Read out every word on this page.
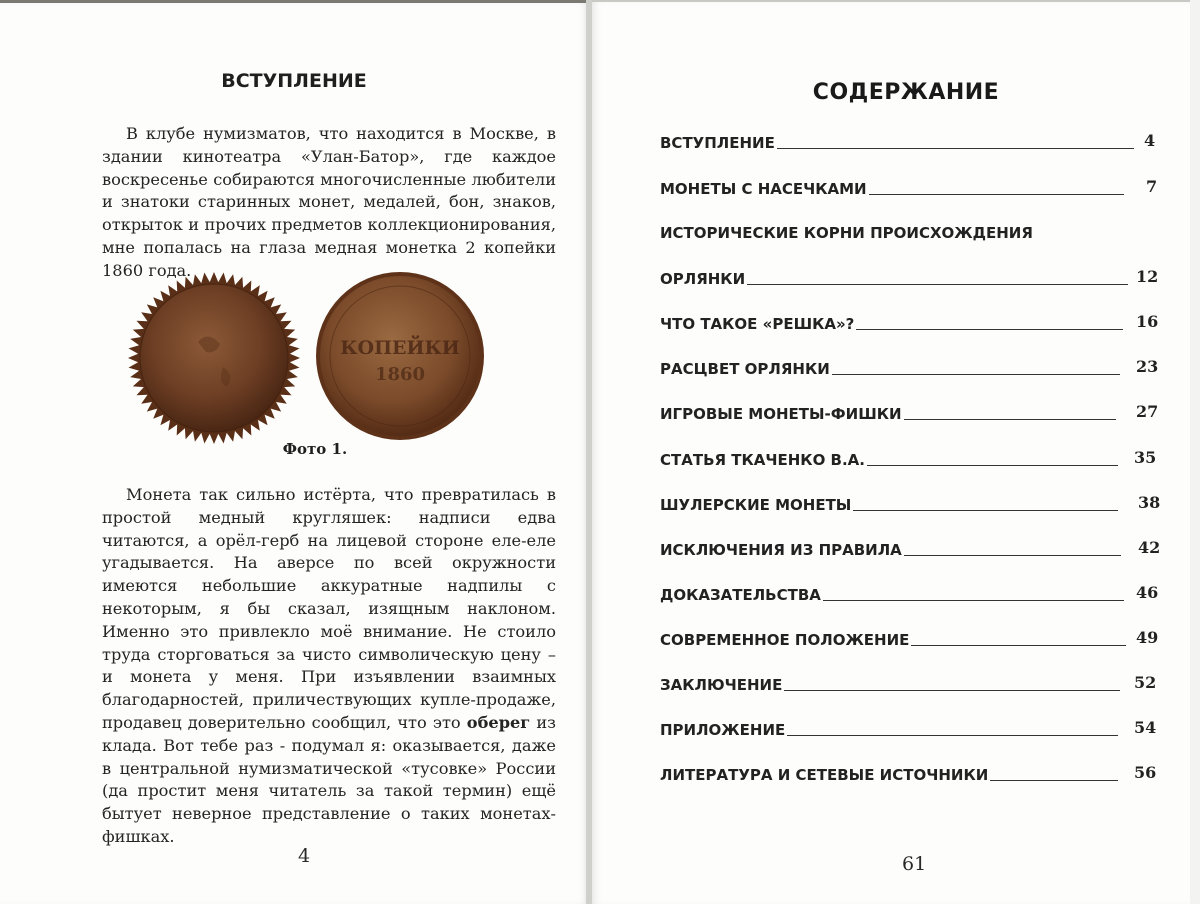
ВСТУПЛЕНИЕ

В клубе нумизматов, что находится в Москве, в здании кинотеатра «Улан-Батор», где каждое воскресенье собираются многочисленные любители и знатоки старинных монет, медалей, бон, знаков, открыток и прочих предметов коллекционирования, мне попалась на глаза медная монетка 2 копейки 1860 года.

КОПЕЙКИ
1860
Фото 1.

Монета так сильно истёрта, что превратилась в простой медный кругляшек: надписи едва читаются, а орёл-герб на лицевой стороне еле-еле угадывается. На аверсе по всей окружности имеются небольшие аккуратные надпилы с некоторым, я бы сказал, изящным наклоном. Именно это привлекло моё внимание. Не стоило труда сторговаться за чисто символическую цену – и монета у меня. При изъявлении взаимных благодарностей, приличествующих купле-продаже, продавец доверительно сообщил, что это оберег из клада. Вот тебе раз - подумал я: оказывается, даже в центральной нумизматической «тусовке» России (да простит меня читатель за такой термин) ещё бытует неверное представление о таких монетах-фишках.

4
СОДЕРЖАНИЕ
ВСТУПЛЕНИЕ	4
МОНЕТЫ С НАСЕЧКАМИ	7
ИСТОРИЧЕСКИЕ КОРНИ ПРОИСХОЖДЕНИЯ
ОРЛЯНКИ	12
ЧТО ТАКОЕ «РЕШКА»?	16
РАСЦВЕТ ОРЛЯНКИ	23
ИГРОВЫЕ МОНЕТЫ-ФИШКИ	27
СТАТЬЯ ТКАЧЕНКО В.А.	35
ШУЛЕРСКИЕ МОНЕТЫ	38
ИСКЛЮЧЕНИЯ ИЗ ПРАВИЛА	42
ДОКАЗАТЕЛЬСТВА	46
СОВРЕМЕННОЕ ПОЛОЖЕНИЕ	49
ЗАКЛЮЧЕНИЕ	52
ПРИЛОЖЕНИЕ	54
ЛИТЕРАТУРА И СЕТЕВЫЕ ИСТОЧНИКИ	56
61
